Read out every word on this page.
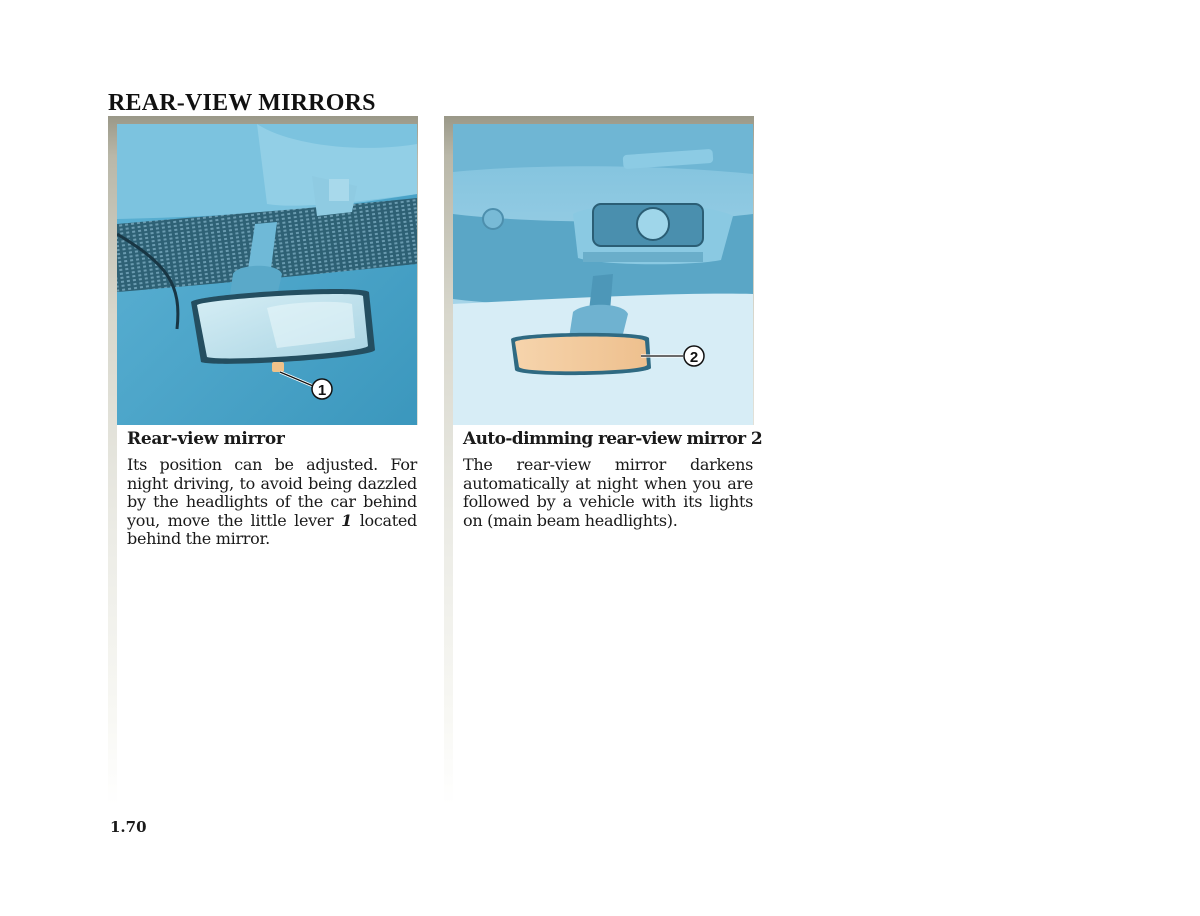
REAR-VIEW MIRRORS
1
Rear-view mirror
Its position can be adjusted. For night driving, to avoid being dazzled by the headlights of the car behind you, move the little lever 1 located behind the mirror.
2
Auto-dimming rear-view mirror 2
The rear-view mirror darkens automatically at night when you are followed by a vehicle with its lights on (main beam headlights).
1.70
